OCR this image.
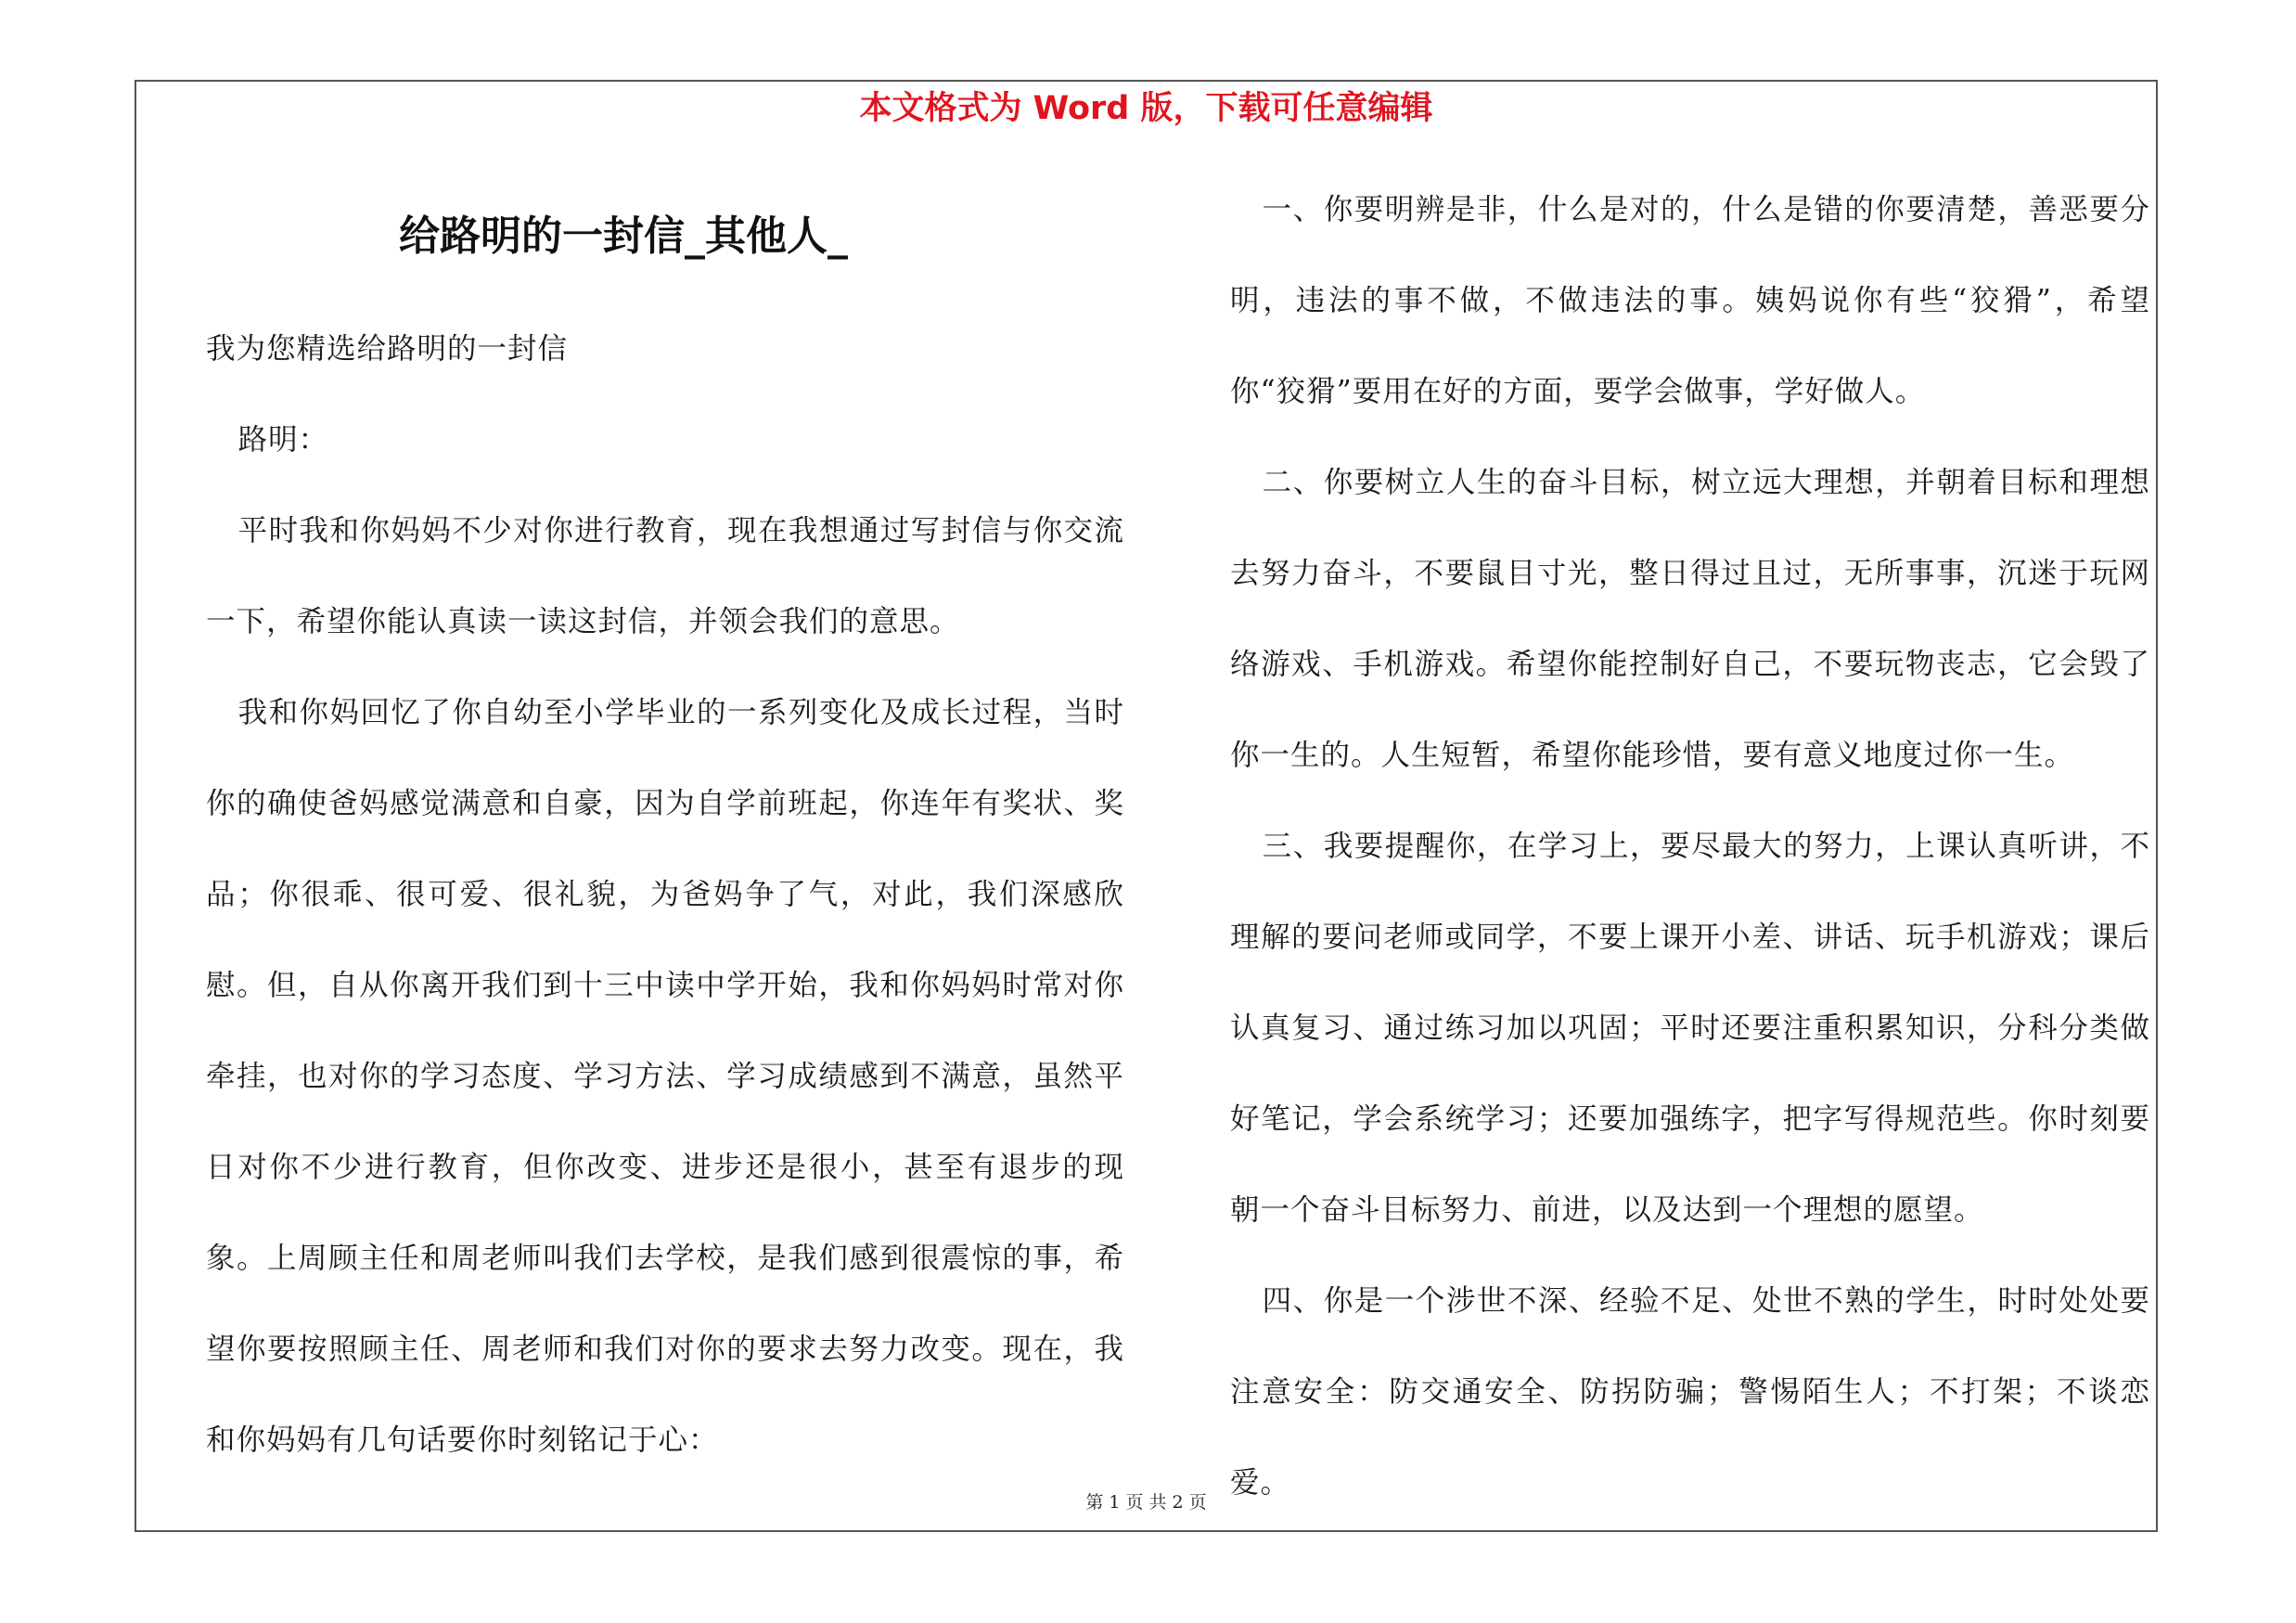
本文格式为 Word 版，下载可任意编辑
给路明的一封信_其他人_

我为您精选给路明的一封信

路明：

平时我和你妈妈不少对你进行教育，现在我想通过写封信与你交流一下，希望你能认真读一读这封信，并领会我们的意思。

我和你妈回忆了你自幼至小学毕业的一系列变化及成长过程，当时你的确使爸妈感觉满意和自豪，因为自学前班起，你连年有奖状、奖品；你很乖、很可爱、很礼貌，为爸妈争了气，对此，我们深感欣慰。但，自从你离开我们到十三中读中学开始，我和你妈妈时常对你牵挂，也对你的学习态度、学习方法、学习成绩感到不满意，虽然平日对你不少进行教育，但你改变、进步还是很小，甚至有退步的现象。上周顾主任和周老师叫我们去学校，是我们感到很震惊的事，希望你要按照顾主任、周老师和我们对你的要求去努力改变。现在，我和你妈妈有几句话要你时刻铭记于心：

一、你要明辨是非，什么是对的，什么是错的你要清楚，善恶要分明，违法的事不做，不做违法的事。姨妈说你有些“狡猾”，希望你“狡猾”要用在好的方面，要学会做事，学好做人。

二、你要树立人生的奋斗目标，树立远大理想，并朝着目标和理想去努力奋斗，不要鼠目寸光，整日得过且过，无所事事，沉迷于玩网络游戏、手机游戏。希望你能控制好自己，不要玩物丧志，它会毁了你一生的。人生短暂，希望你能珍惜，要有意义地度过你一生。

三、我要提醒你，在学习上，要尽最大的努力，上课认真听讲，不理解的要问老师或同学，不要上课开小差、讲话、玩手机游戏；课后认真复习、通过练习加以巩固；平时还要注重积累知识，分科分类做好笔记，学会系统学习；还要加强练字，把字写得规范些。你时刻要朝一个奋斗目标努力、前进，以及达到一个理想的愿望。

四、你是一个涉世不深、经验不足、处世不熟的学生，时时处处要注意安全：防交通安全、防拐防骗；警惕陌生人；不打架；不谈恋爱。

第 1 页 共 2 页
